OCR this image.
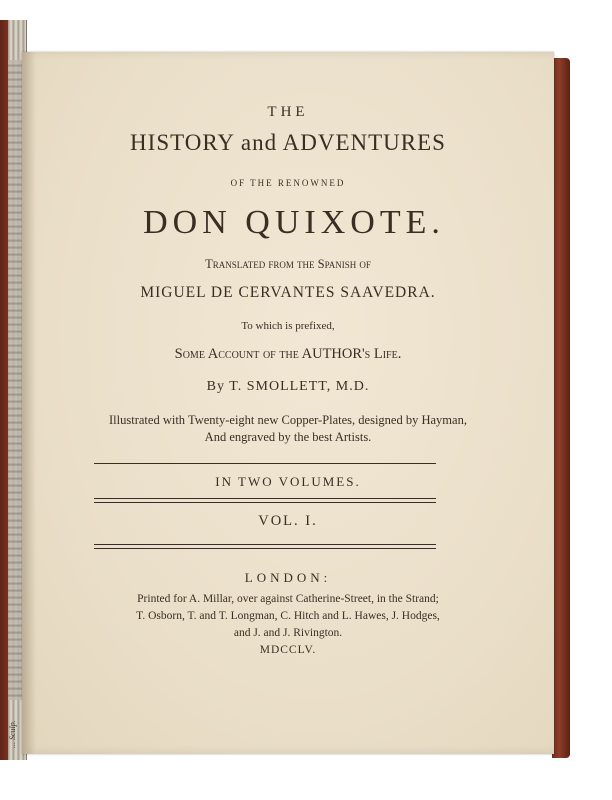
... Sculp.
THE
HISTORY and ADVENTURES
OF THE RENOWNED
DON QUIXOTE.
Translated from the Spanish of
MIGUEL DE CERVANTES SAAVEDRA.
To which is prefixed,
Some Account of the AUTHOR's Life.
By T. SMOLLETT, M.D.
Illustrated with Twenty-eight new Copper-Plates, designed by Hayman,
And engraved by the best Artists.
IN TWO VOLUMES.
VOL. I.
LONDON:
Printed for A. Millar, over against Catherine-Street, in the Strand;
T. Osborn, T. and T. Longman, C. Hitch and L. Hawes, J. Hodges,
and J. and J. Rivington.
MDCCLV.
